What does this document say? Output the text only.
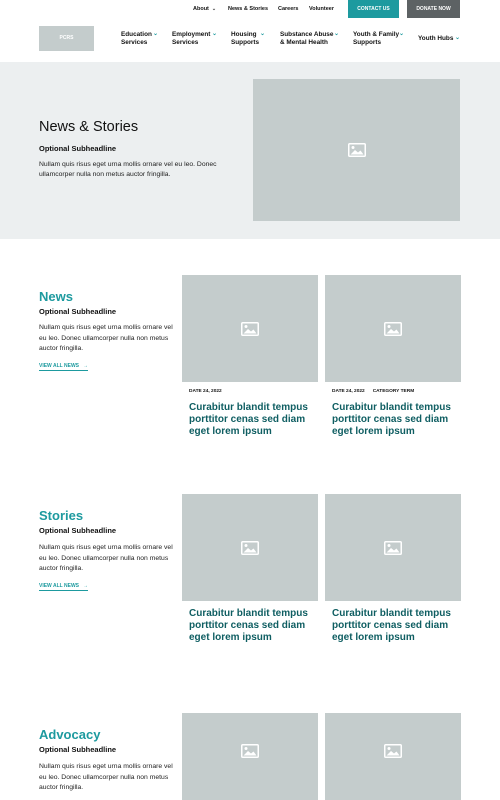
About ⌄ News & Stories Careers Volunteer	CONTACT US	DONATE NOW
PCRS	Education
Services
⌄ Employment
Services
⌄ Housing
Supports
⌄ Substance Abuse
& Mental Health
⌄ Youth & Family
Supports
⌄
Youth Hubs ⌄
News & Stories
Optional Subheadline
Nullam quis risus eget urna mollis ornare vel eu leo. Donec ullamcorper nulla non metus auctor fringilla.
News
Optional Subheadline
Nullam quis risus eget urna mollis ornare vel eu leo. Donec ullamcorper nulla non metus auctor fringilla.
VIEW ALL NEWS →
DATE 24, 2022
Curabitur blandit tempus porttitor cenas sed diam eget lorem ipsum
DATE 24, 2022 CATEGORY TERM
Curabitur blandit tempus porttitor cenas sed diam eget lorem ipsum
Stories
Optional Subheadline
Nullam quis risus eget urna mollis ornare vel eu leo. Donec ullamcorper nulla non metus auctor fringilla.
VIEW ALL NEWS →
Curabitur blandit tempus porttitor cenas sed diam eget lorem ipsum
Curabitur blandit tempus porttitor cenas sed diam eget lorem ipsum
Advocacy
Optional Subheadline
Nullam quis risus eget urna mollis ornare vel eu leo. Donec ullamcorper nulla non metus auctor fringilla.
